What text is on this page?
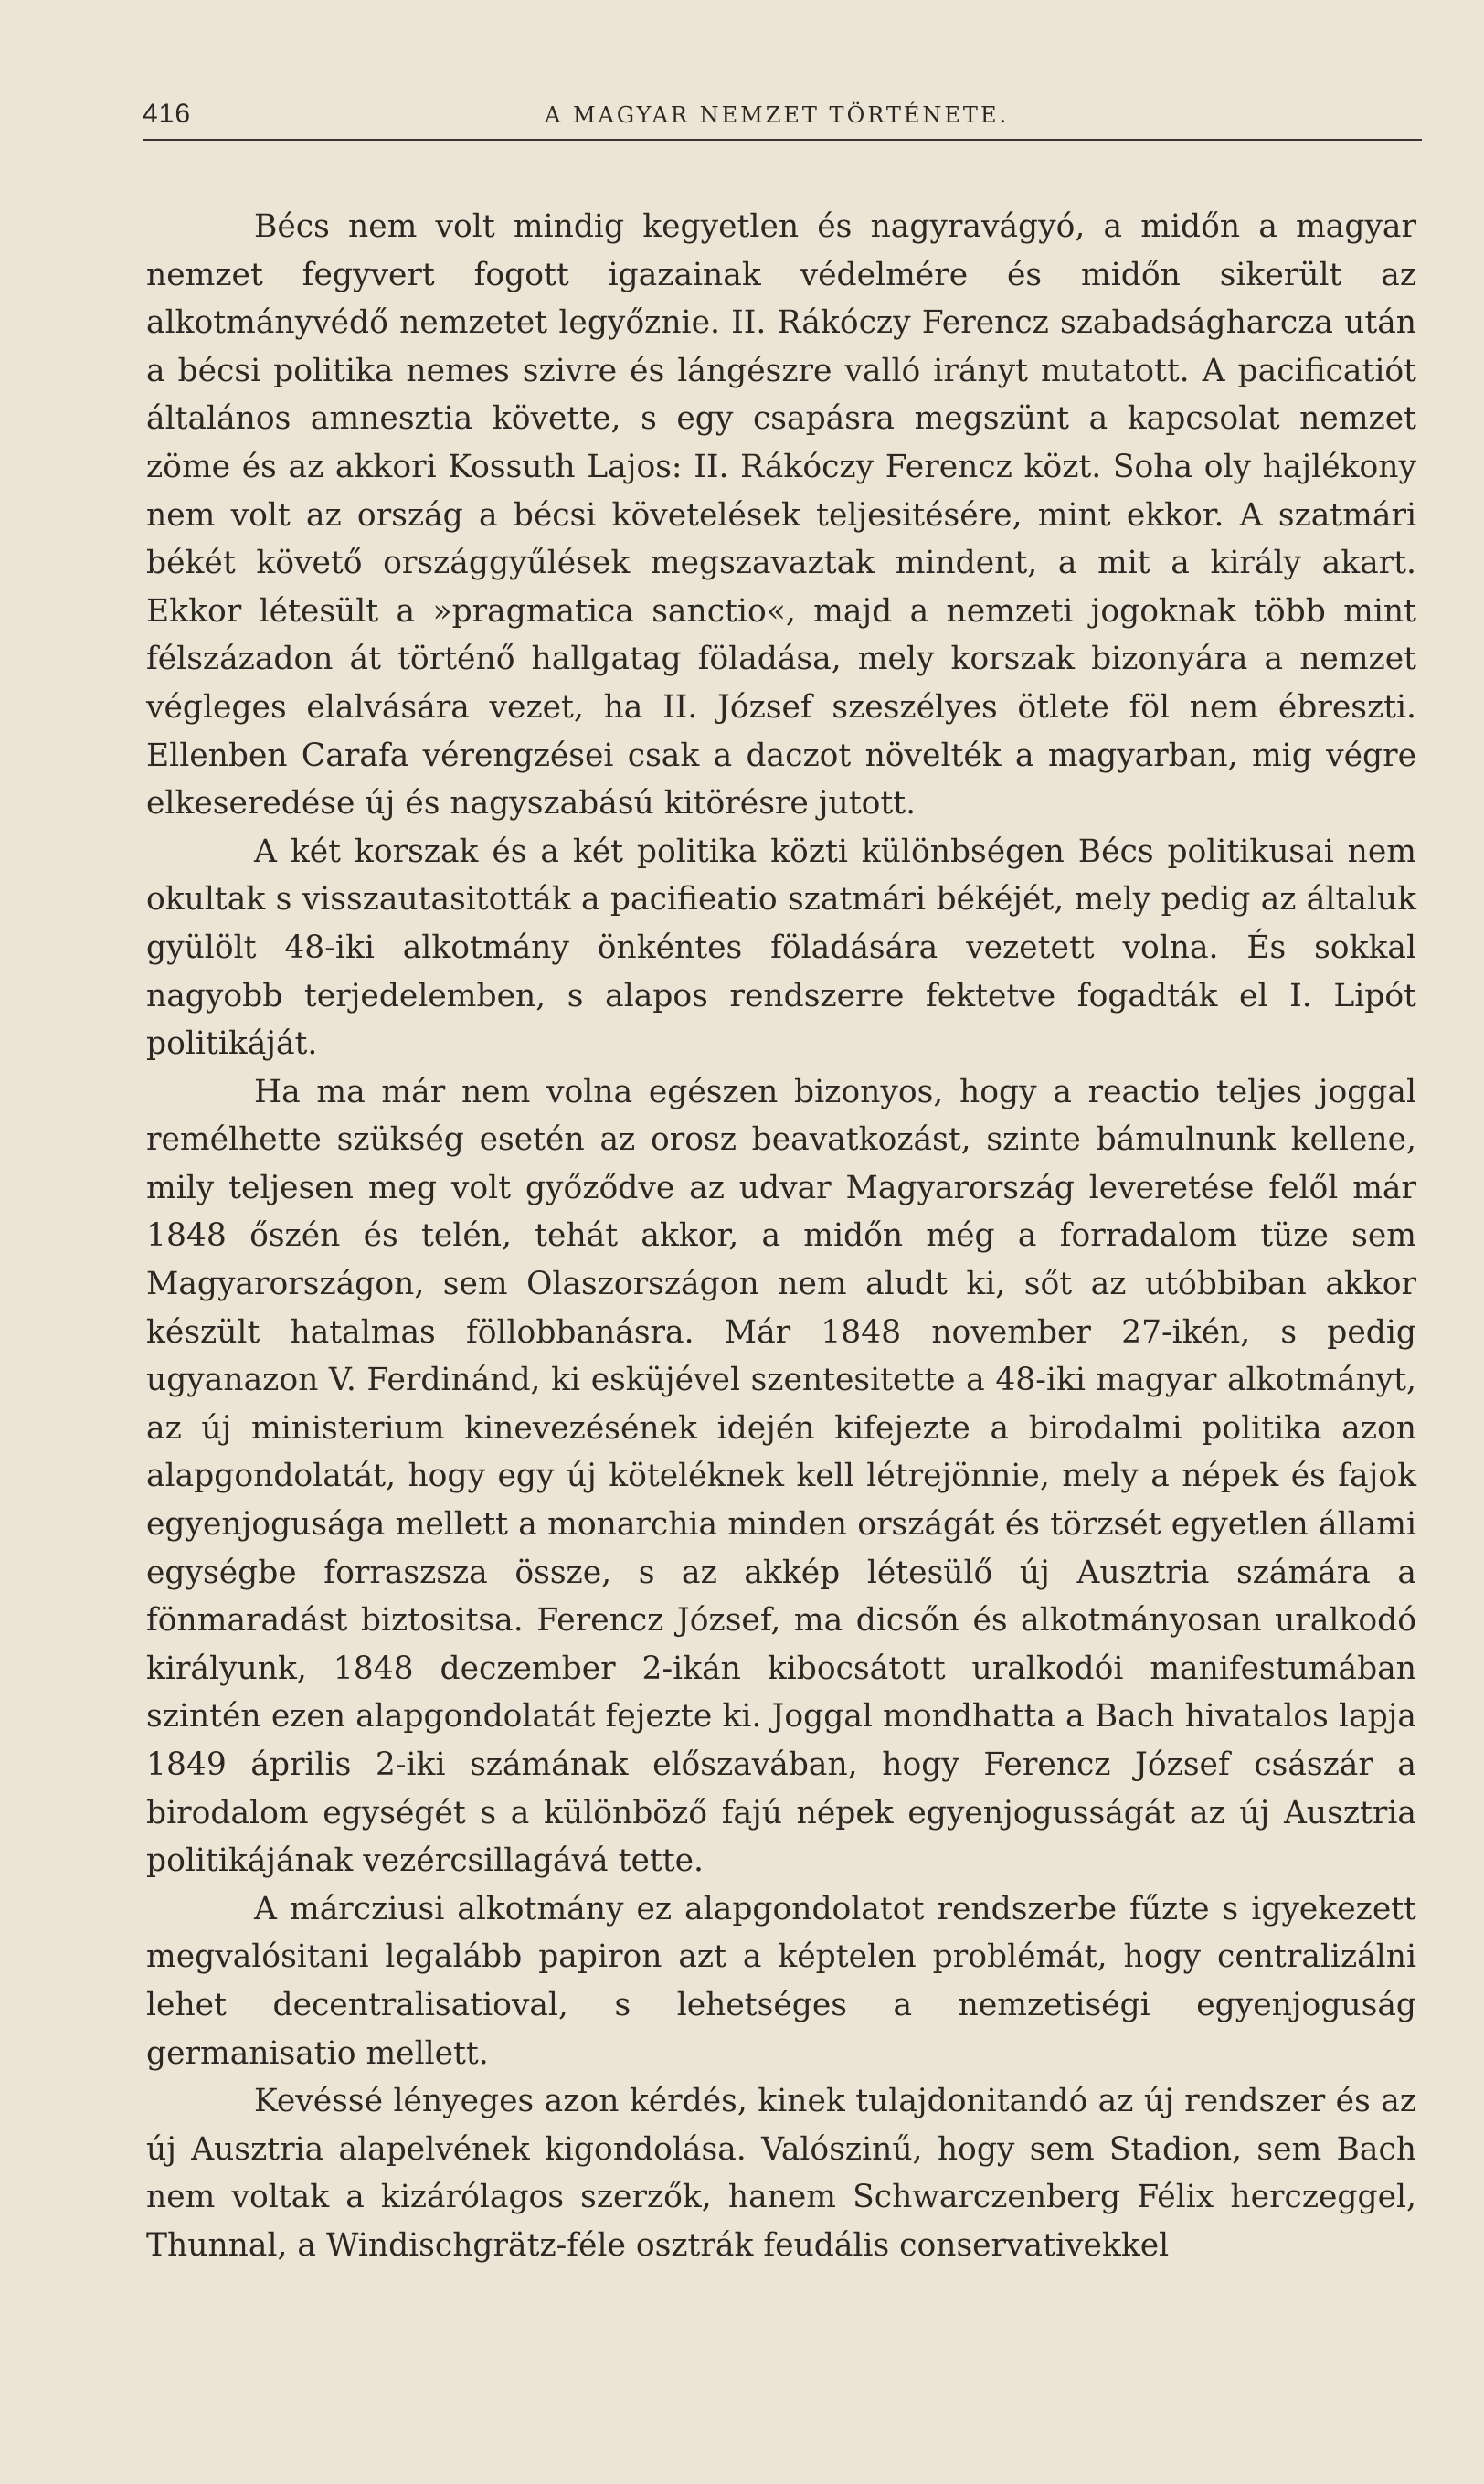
416	A MAGYAR NEMZET TÖRTÉNETE.

Bécs nem volt mindig kegyetlen és nagyravágyó, a midőn a magyar nemzet fegyvert fogott igazainak védelmére és midőn sikerült az alkotmányvédő nemzetet legyőznie. II. Rákóczy Ferencz szabadságharcza után a bécsi politika nemes szivre és lángészre valló irányt mutatott. A pacificatiót általános amnesztia követte, s egy csapásra megszünt a kapcsolat nemzet zöme és az akkori Kossuth Lajos: II. Rákóczy Ferencz közt. Soha oly hajlékony nem volt az ország a bécsi követelések teljesitésére, mint ekkor. A szatmári békét követő országgyűlések megszavaztak mindent, a mit a király akart. Ekkor létesült a »pragmatica sanctio«, majd a nemzeti jogoknak több mint félszázadon át történő hallgatag föladása, mely korszak bizonyára a nemzet végleges elalvására vezet, ha II. József szeszélyes ötlete föl nem ébreszti. Ellenben Carafa vérengzései csak a daczot növelték a magyarban, mig végre elkeseredése új és nagyszabású kitörésre jutott.

A két korszak és a két politika közti különbségen Bécs politikusai nem okultak s visszautasitották a pacifieatio szatmári békéjét, mely pedig az általuk gyülölt 48-iki alkotmány önkéntes föladására vezetett volna. És sokkal nagyobb terjedelemben, s alapos rendszerre fektetve fogadták el I. Lipót politikáját.

Ha ma már nem volna egészen bizonyos, hogy a reactio teljes joggal remélhette szükség esetén az orosz beavatkozást, szinte bámulnunk kellene, mily teljesen meg volt győződve az udvar Magyarország leveretése felől már 1848 őszén és telén, tehát akkor, a midőn még a forradalom tüze sem Magyarországon, sem Olaszországon nem aludt ki, sőt az utóbbiban akkor készült hatalmas föllobbanásra. Már 1848 november 27-ikén, s pedig ugyanazon V. Ferdinánd, ki esküjével szentesitette a 48-iki magyar alkotmányt, az új ministerium kinevezésének idején kifejezte a birodalmi politika azon alapgondolatát, hogy egy új köteléknek kell létrejönnie, mely a népek és fajok egyenjogusága mellett a monarchia minden országát és törzsét egyetlen állami egységbe forraszsza össze, s az akkép létesülő új Ausztria számára a fönmaradást biztositsa. Ferencz József, ma dicsőn és alkotmányosan uralkodó királyunk, 1848 deczember 2-ikán kibocsátott uralkodói manifestumában szintén ezen alapgondolatát fejezte ki. Joggal mondhatta a Bach hivatalos lapja 1849 április 2-iki számának előszavában, hogy Ferencz József császár a birodalom egységét s a különböző fajú népek egyenjogusságát az új Ausztria politikájának vezércsillagává tette.

A márcziusi alkotmány ez alapgondolatot rendszerbe fűzte s igyekezett megvalósitani legalább papiron azt a képtelen problémát, hogy centralizálni lehet decentralisatioval, s lehetséges a nemzetiségi egyenjoguság germanisatio mellett.

Kevéssé lényeges azon kérdés, kinek tulajdonitandó az új rendszer és az új Ausztria alapelvének kigondolása. Valószinű, hogy sem Stadion, sem Bach nem voltak a kizárólagos szerzők, hanem Schwarczenberg Félix herczeggel, Thunnal, a Windischgrätz-féle osztrák feudális conservativekkel
